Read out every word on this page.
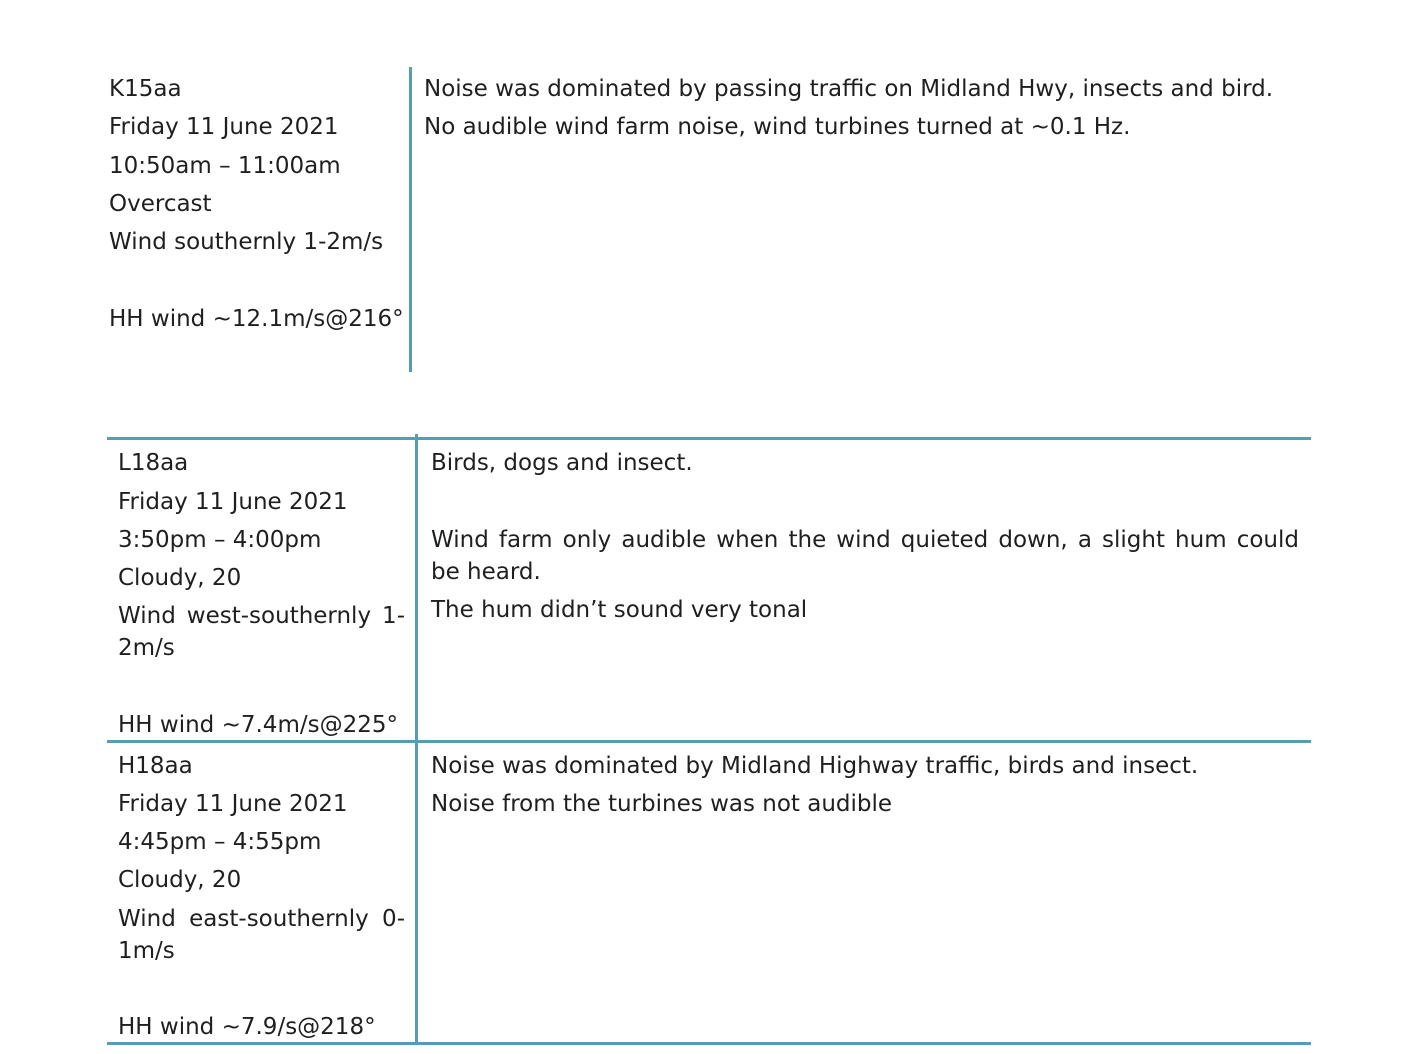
K15aa
Friday 11 June 2021
10:50am – 11:00am
Overcast
Wind southernly 1-2m/s
HH wind ~12.1m/s@216°
Noise was dominated by passing traffic on Midland Hwy, insects and bird.
No audible wind farm noise, wind turbines turned at ~0.1 Hz.
L18aa
Friday 11 June 2021
3:50pm – 4:00pm
Cloudy, 20
Wind west-southernly 1-2m/s
HH wind ~7.4m/s@225°
Birds, dogs and insect.
Wind farm only audible when the wind quieted down, a slight hum could be heard.
The hum didn’t sound very tonal
H18aa
Friday 11 June 2021
4:45pm – 4:55pm
Cloudy, 20
Wind east-southernly 0-1m/s
HH wind ~7.9/s@218°
Noise was dominated by Midland Highway traffic, birds and insect.
Noise from the turbines was not audible
